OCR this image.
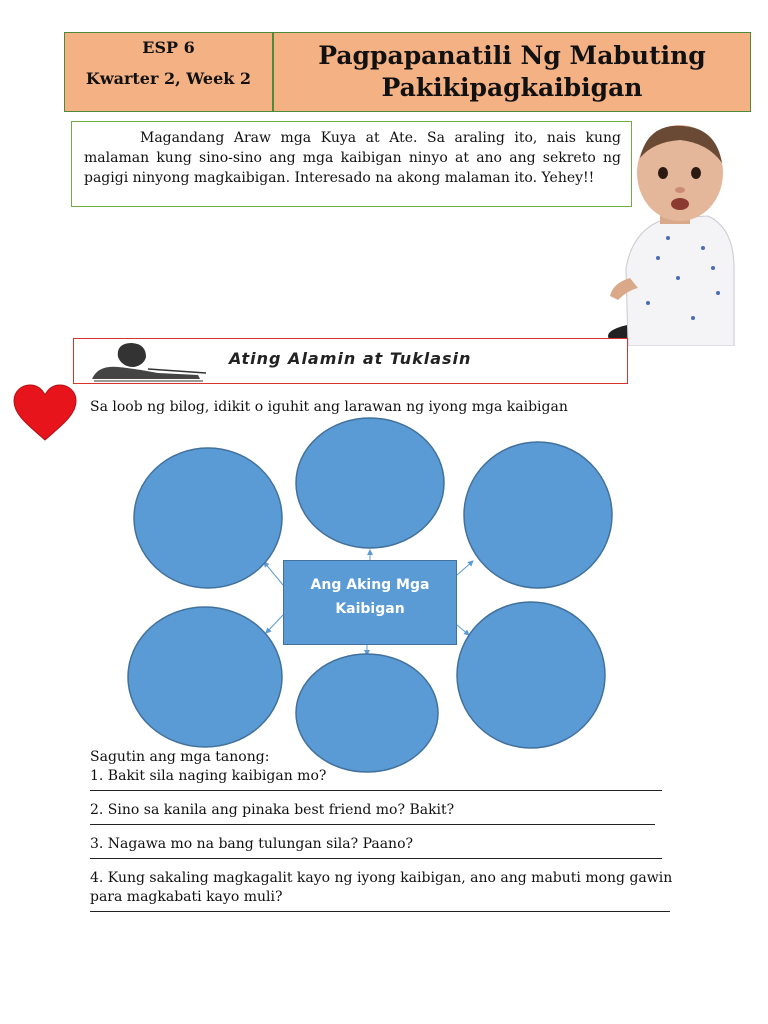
ESP 6
Kwarter 2, Week 2
Pagpapanatili Ng Mabuting
Pakikipagkaibigan
Magandang Araw mga Kuya at Ate. Sa araling ito, nais kung malaman kung sino-sino ang mga kaibigan ninyo at ano ang sekreto ng pagigi ninyong magkaibigan. Interesado na akong malaman ito. Yehey!!
Ating Alamin at Tuklasin
Sa loob ng bilog, idikit o iguhit ang larawan ng iyong mga kaibigan
Ang Aking Mga
Kaibigan

Sagutin ang mga tanong:

1. Bakit sila naging kaibigan mo?

2. Sino sa kanila ang pinaka best friend mo? Bakit?

3. Nagawa mo na bang tulungan sila? Paano?

4. Kung sakaling magkagalit kayo ng iyong kaibigan, ano ang mabuti mong gawin para magkabati kayo muli?
